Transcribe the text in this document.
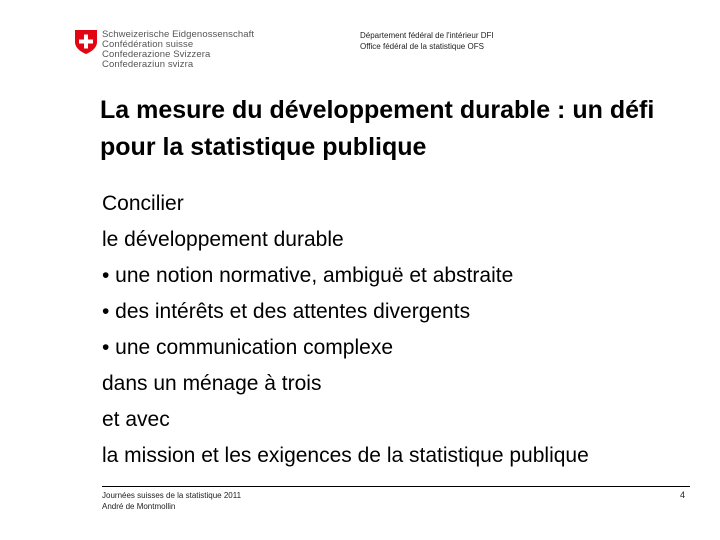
Schweizerische Eidgenossenschaft
Confédération suisse
Confederazione Svizzera
Confederaziun svizra
Département fédéral de l'intérieur DFI
Office fédéral de la statistique OFS
La mesure du développement durable : un défi pour la statistique publique
Concilier
le développement durable
• une notion normative, ambiguë et abstraite
• des intérêts et des attentes divergents
• une communication complexe
dans un ménage à trois
et avec
la mission et les exigences de la statistique publique
Journées suisses de la statistique 2011
André de Montmollin
4
